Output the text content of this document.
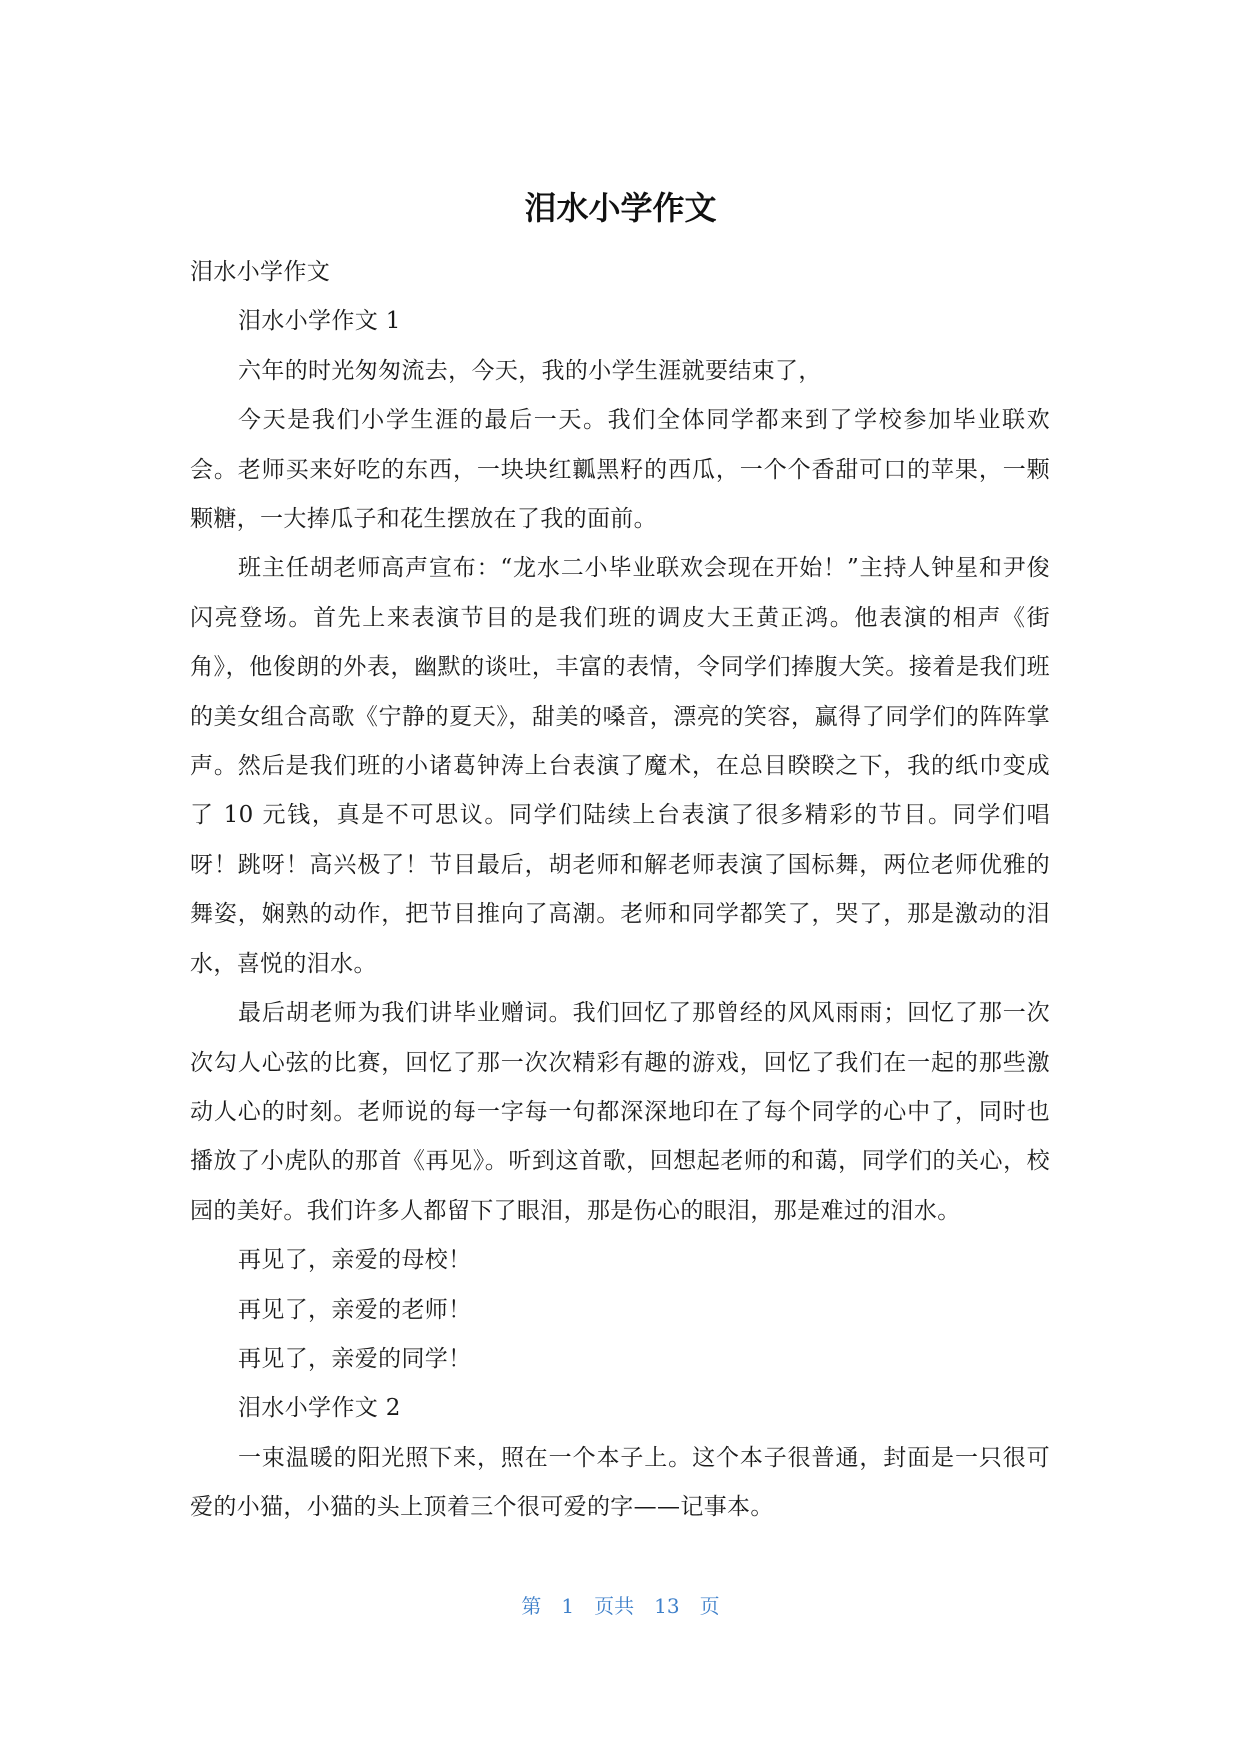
泪水小学作文

泪水小学作文

泪水小学作文 1

六年的时光匆匆流去，今天，我的小学生涯就要结束了，

今天是我们小学生涯的最后一天。我们全体同学都来到了学校参加毕业联欢会。老师买来好吃的东西，一块块红瓤黑籽的西瓜，一个个香甜可口的苹果，一颗颗糖，一大捧瓜子和花生摆放在了我的面前。

班主任胡老师高声宣布：“龙水二小毕业联欢会现在开始！”主持人钟星和尹俊闪亮登场。首先上来表演节目的是我们班的调皮大王黄正鸿。他表演的相声《街角》，他俊朗的外表，幽默的谈吐，丰富的表情，令同学们捧腹大笑。接着是我们班的美女组合高歌《宁静的夏天》，甜美的嗓音，漂亮的笑容，赢得了同学们的阵阵掌声。然后是我们班的小诸葛钟涛上台表演了魔术，在总目睽睽之下，我的纸巾变成了 10 元钱，真是不可思议。同学们陆续上台表演了很多精彩的节目。同学们唱呀！跳呀！高兴极了！节目最后，胡老师和解老师表演了国标舞，两位老师优雅的舞姿，娴熟的动作，把节目推向了高潮。老师和同学都笑了，哭了，那是激动的泪水，喜悦的泪水。

最后胡老师为我们讲毕业赠词。我们回忆了那曾经的风风雨雨；回忆了那一次次勾人心弦的比赛，回忆了那一次次精彩有趣的游戏，回忆了我们在一起的那些激动人心的时刻。老师说的每一字每一句都深深地印在了每个同学的心中了，同时也播放了小虎队的那首《再见》。听到这首歌，回想起老师的和蔼，同学们的关心，校园的美好。我们许多人都留下了眼泪，那是伤心的眼泪，那是难过的泪水。

再见了，亲爱的母校！

再见了，亲爱的老师！

再见了，亲爱的同学！

泪水小学作文 2

一束温暖的阳光照下来，照在一个本子上。这个本子很普通，封面是一只很可爱的小猫，小猫的头上顶着三个很可爱的字——记事本。

第 1 页共 13 页
